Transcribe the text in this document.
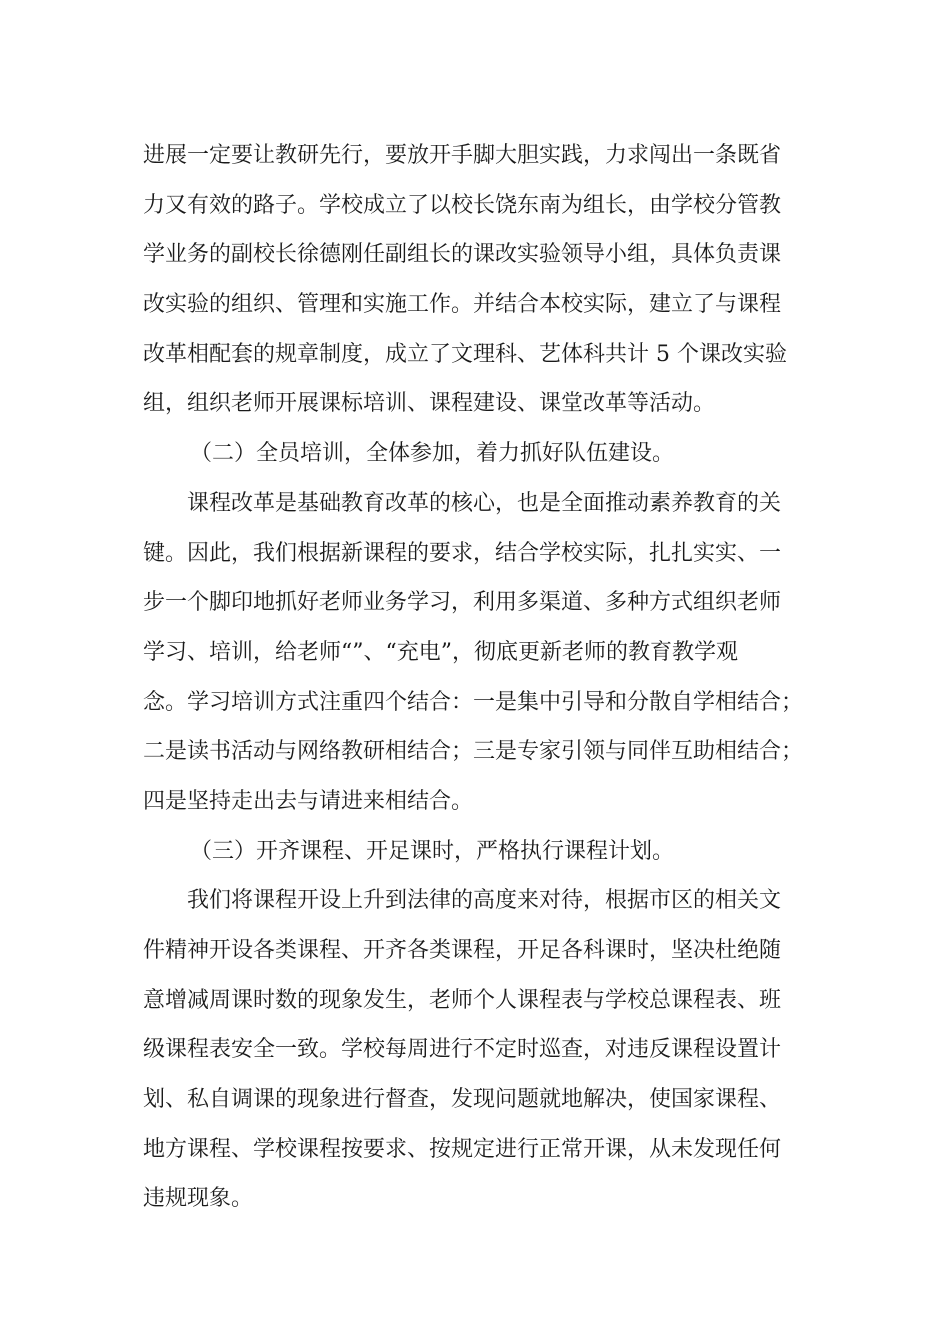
进展一定要让教研先行，要放开手脚大胆实践，力求闯出一条既省
力又有效的路子。学校成立了以校长饶东南为组长，由学校分管教
学业务的副校长徐德刚任副组长的课改实验领导小组，具体负责课
改实验的组织、管理和实施工作。并结合本校实际，建立了与课程
改革相配套的规章制度，成立了文理科、艺体科共计 5 个课改实验
组，组织老师开展课标培训、课程建设、课堂改革等活动。
（二）全员培训，全体参加，着力抓好队伍建设。
课程改革是基础教育改革的核心，也是全面推动素养教育的关
键。因此，我们根据新课程的要求，结合学校实际，扎扎实实、一
步一个脚印地抓好老师业务学习，利用多渠道、多种方式组织老师
学习、培训，给老师“”、“充电”，彻底更新老师的教育教学观
念。学习培训方式注重四个结合：一是集中引导和分散自学相结合；
二是读书活动与网络教研相结合；三是专家引领与同伴互助相结合；
四是坚持走出去与请进来相结合。
（三）开齐课程、开足课时，严格执行课程计划。
我们将课程开设上升到法律的高度来对待，根据市区的相关文
件精神开设各类课程、开齐各类课程，开足各科课时，坚决杜绝随
意增减周课时数的现象发生，老师个人课程表与学校总课程表、班
级课程表安全一致。学校每周进行不定时巡查，对违反课程设置计
划、私自调课的现象进行督查，发现问题就地解决，使国家课程、
地方课程、学校课程按要求、按规定进行正常开课，从未发现任何
违规现象。
